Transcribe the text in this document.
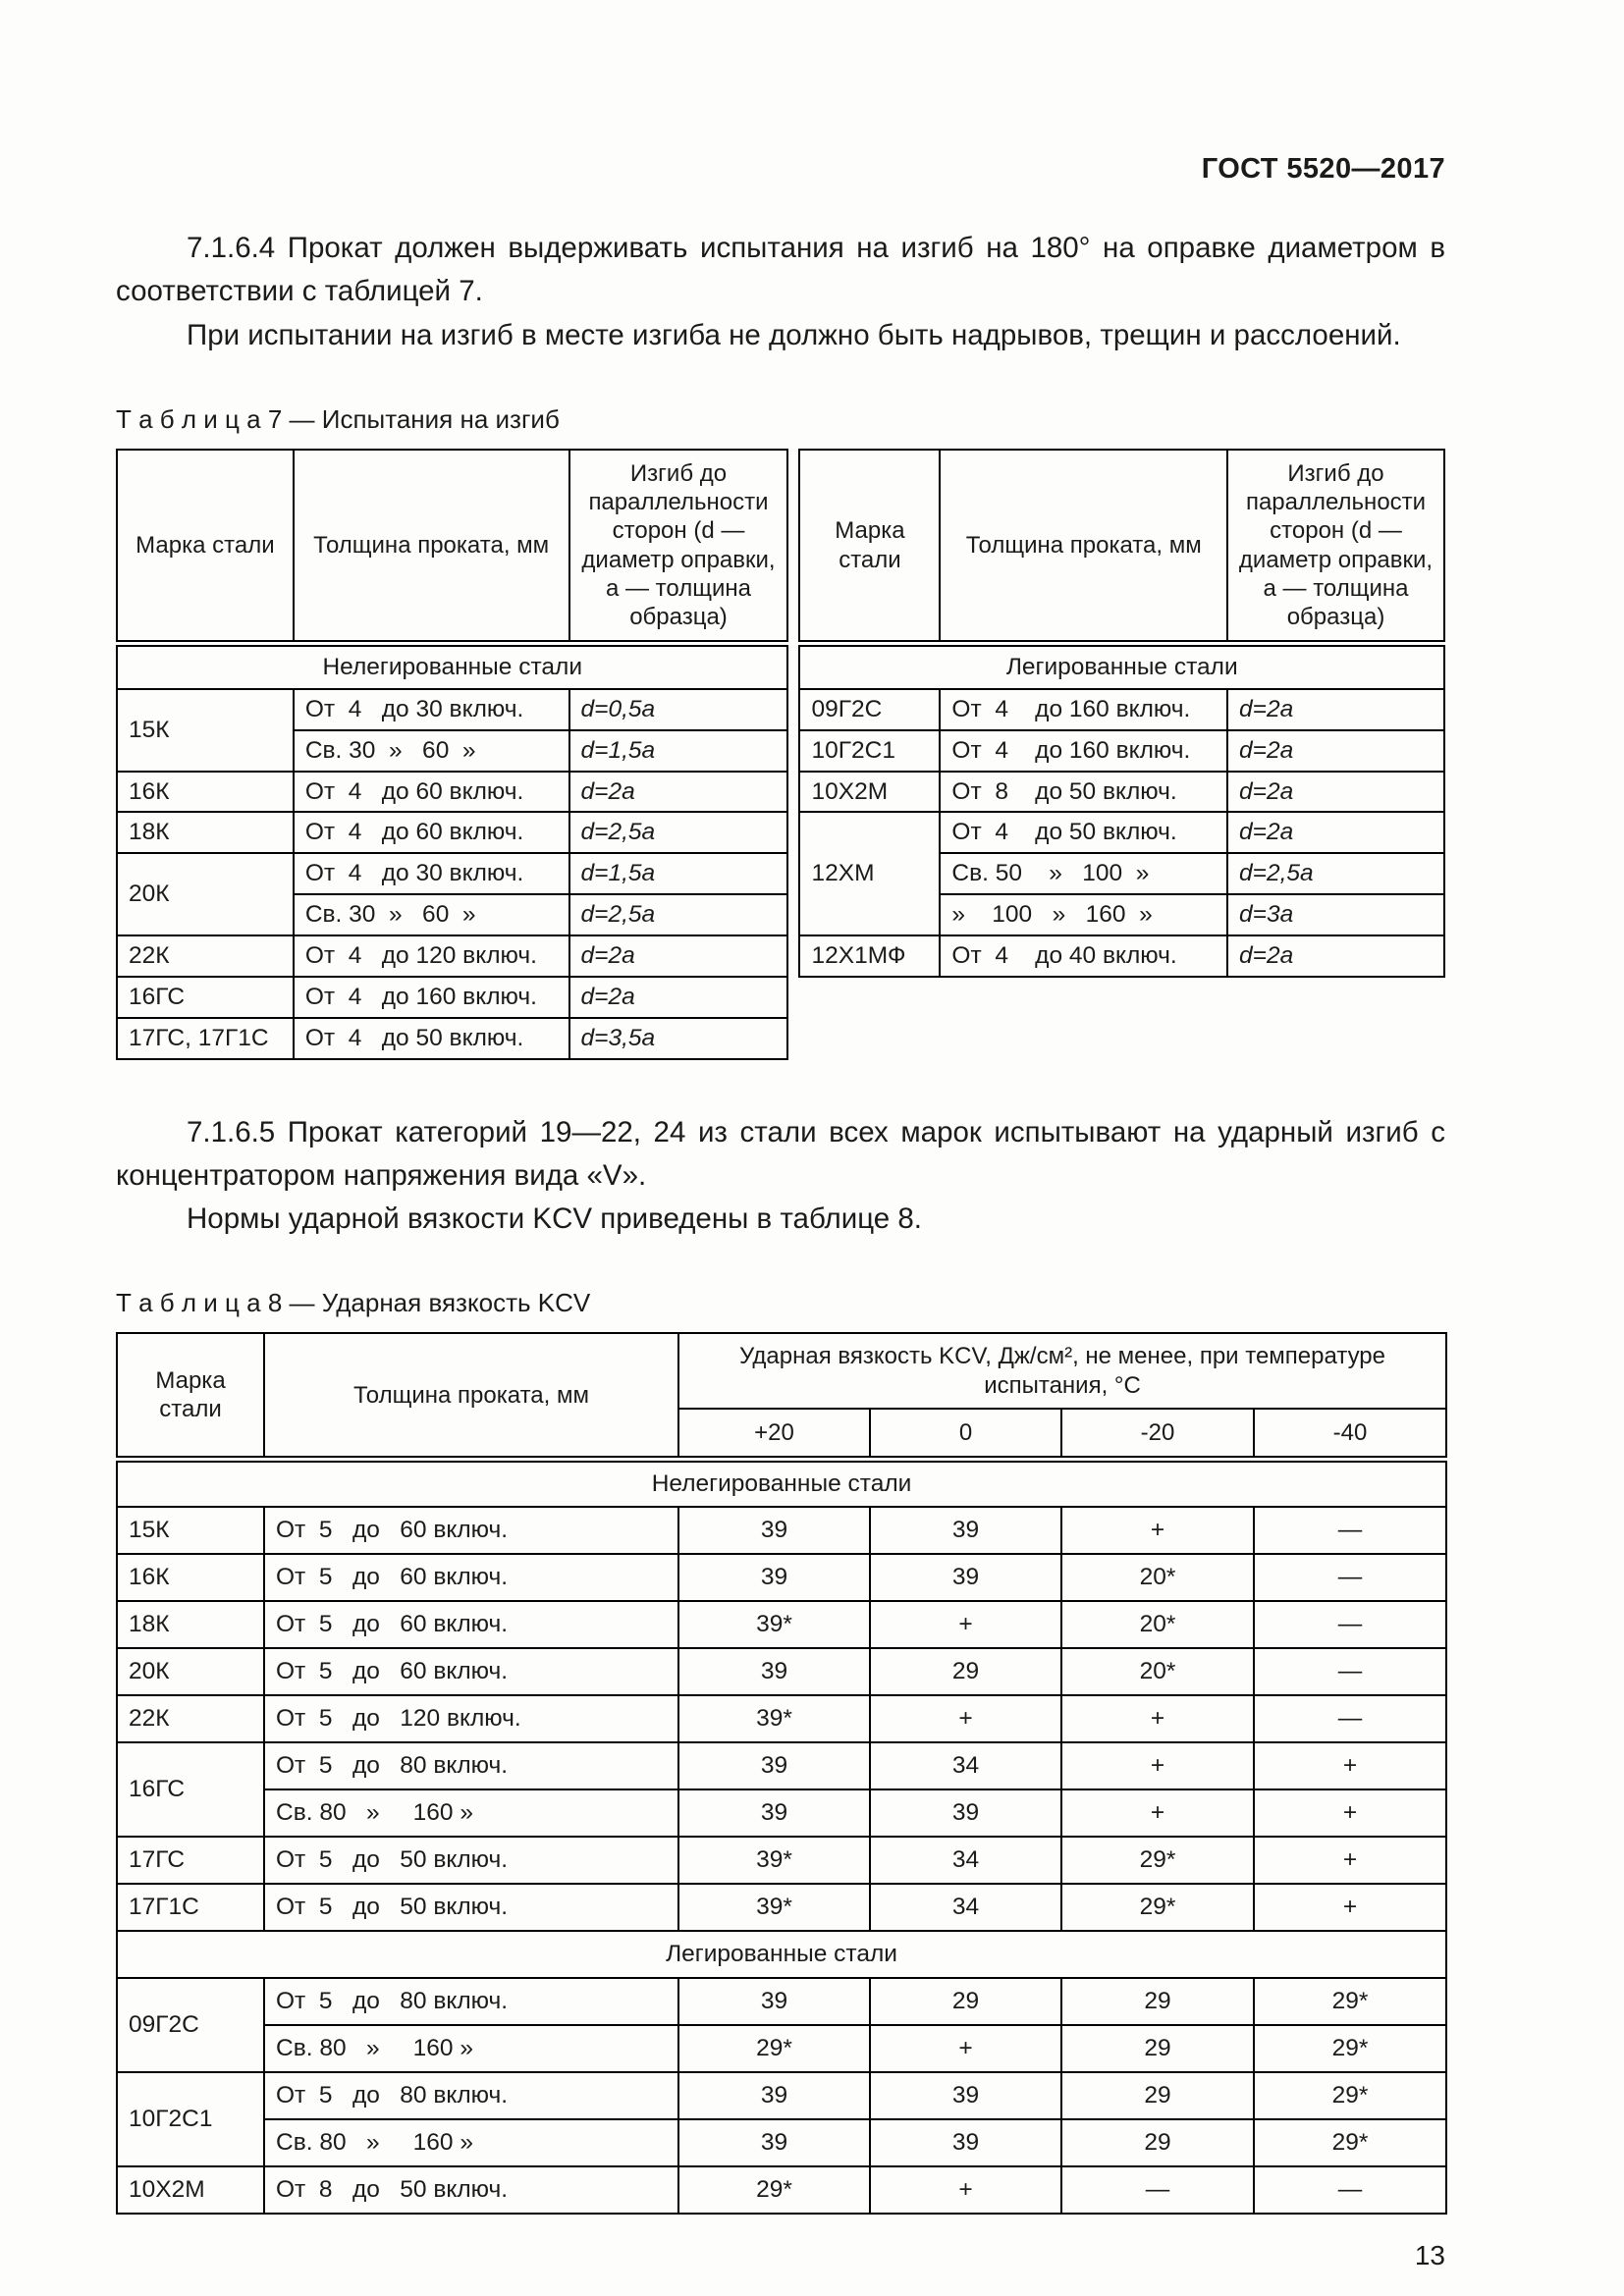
ГОСТ 5520—2017

7.1.6.4 Прокат должен выдерживать испытания на изгиб на 180° на оправке диаметром в соответствии с таблицей 7.

При испытании на изгиб в месте изгиба не должно быть надрывов, трещин и расслоений.

Т а б л и ц а 7 — Испытания на изгиб
Марка стали	Толщина проката, мм	Изгиб до параллельности сторон (d — диаметр оправки, а — толщина образца)
Нелегированные стали		
15К	От  4   до 30 включ.	d=0,5а
	Св. 30  »   60  »	d=1,5а
16К	От  4   до 60 включ.	d=2а
18К	От  4   до 60 включ.	d=2,5а
20К	От  4   до 30 включ.	d=1,5а
	Св. 30  »   60  »	d=2,5а
22К	От  4   до 120 включ.	d=2а
16ГС	От  4   до 160 включ.	d=2а
17ГС, 17Г1С	От  4   до 50 включ.	d=3,5а
Марка стали	Толщина проката, мм	Изгиб до параллельности сторон (d — диаметр оправки, а — толщина образца)
Легированные стали		
09Г2С	От  4    до 160 включ.	d=2а
10Г2С1	От  4    до 160 включ.	d=2а
10Х2М	От  8    до 50 включ.	d=2а
12ХМ	От  4    до 50 включ.	d=2а
	Св. 50    »   100  »	d=2,5а
	»    100   »   160  »	d=3а
12Х1МФ	От  4    до 40 включ.	d=2а

7.1.6.5 Прокат категорий 19—22, 24 из стали всех марок испытывают на ударный изгиб с концентратором напряжения вида «V».

Нормы ударной вязкости KCV приведены в таблице 8.

Т а б л и ц а 8 — Ударная вязкость KCV
Марка стали	Толщина проката, мм	Ударная вязкость KCV, Дж/см², не менее, при температуре испытания, °С			
		+20	0	-20	-40
Нелегированные стали					
15К	От  5   до   60 включ.	39	39	+	—
16К	От  5   до   60 включ.	39	39	20*	—
18К	От  5   до   60 включ.	39*	+	20*	—
20К	От  5   до   60 включ.	39	29	20*	—
22К	От  5   до   120 включ.	39*	+	+	—
16ГС	От  5   до   80 включ.	39	34	+	+
	Св. 80   »     160 »	39	39	+	+
17ГС	От  5   до   50 включ.	39*	34	29*	+
17Г1С	От  5   до   50 включ.	39*	34	29*	+
Легированные стали					
09Г2С	От  5   до   80 включ.	39	29	29	29*
	Св. 80   »     160 »	29*	+	29	29*
10Г2С1	От  5   до   80 включ.	39	39	29	29*
	Св. 80   »     160 »	39	39	29	29*
10Х2М	От  8   до   50 включ.	29*	+	—	—
13
